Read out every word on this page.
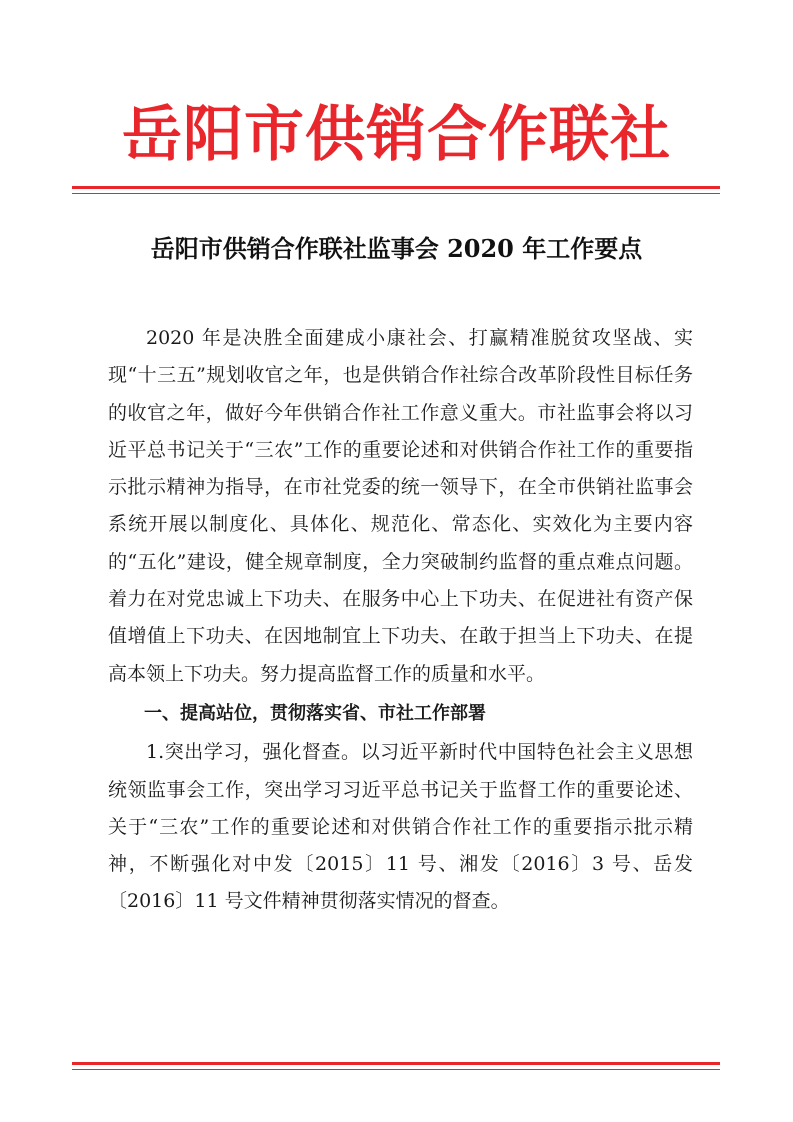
岳阳市供销合作联社
岳阳市供销合作联社监事会 2020 年工作要点

2020 年是决胜全面建成小康社会、打赢精准脱贫攻坚战、实现“十三五”规划收官之年，也是供销合作社综合改革阶段性目标任务的收官之年，做好今年供销合作社工作意义重大。市社监事会将以习近平总书记关于“三农”工作的重要论述和对供销合作社工作的重要指示批示精神为指导，在市社党委的统一领导下，在全市供销社监事会系统开展以制度化、具体化、规范化、常态化、实效化为主要内容的“五化”建设，健全规章制度，全力突破制约监督的重点难点问题。着力在对党忠诚上下功夫、在服务中心上下功夫、在促进社有资产保值增值上下功夫、在因地制宜上下功夫、在敢于担当上下功夫、在提高本领上下功夫。努力提高监督工作的质量和水平。

一、提高站位，贯彻落实省、市社工作部署

1.突出学习，强化督查。以习近平新时代中国特色社会主义思想统领监事会工作，突出学习习近平总书记关于监督工作的重要论述、关于“三农”工作的重要论述和对供销合作社工作的重要指示批示精神，不断强化对中发〔2015〕11 号、湘发〔2016〕3 号、岳发〔2016〕11 号文件精神贯彻落实情况的督查。
